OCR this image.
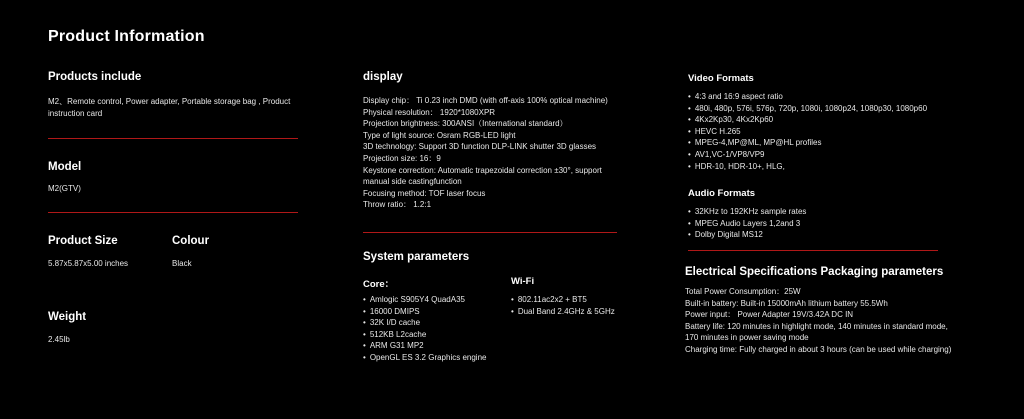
Product Information
Products include
M2、Remote control, Power adapter, Portable storage bag , Product instruction card
Model
M2(GTV)
Product Size
5.87x5.87x5.00 inches
Colour
Black
Weight
2.45lb
display
Display chip： Ti 0.23 inch DMD (with off-axis 100% optical machine)
Physical resolution： 1920*1080XPR
Projection brightness: 300ANSI（International standard）
Type of light source: Osram RGB-LED light
3D technology: Support 3D function DLP-LINK shutter 3D glasses
Projection size: 16：9
Keystone correction: Automatic trapezoidal correction ±30°, support
manual side castingfunction
Focusing method: TOF laser focus
Throw ratio： 1.2:1
System parameters
Core：
• Amlogic S905Y4 QuadA35
• 16000 DMIPS
• 32K I/D cache
• 512KB L2cache
• ARM G31 MP2
• OpenGL ES 3.2 Graphics engine
Wi-Fi
• 802.11ac2x2 + BT5
• Dual Band 2.4GHz & 5GHz
Video Formats
• 4:3 and 16:9 aspect ratio
• 480i, 480p, 576i, 576p, 720p, 1080i, 1080p24, 1080p30, 1080p60
• 4Kx2Kp30, 4Kx2Kp60
• HEVC H.265
• MPEG-4,MP@ML, MP@HL profiles
• AV1,VC-1/VP8/VP9
• HDR-10, HDR-10+, HLG,
Audio Formats
• 32KHz to 192KHz sample rates
• MPEG Audio Layers 1,2and 3
• Dolby Digital MS12
Electrical Specifications Packaging parameters
Total Power Consumption：25W
Built-in battery: Built-in 15000mAh lithium battery 55.5Wh
Power input： Power Adapter 19V/3.42A DC IN
Battery life: 120 minutes in highlight mode, 140 minutes in standard mode,
170 minutes in power saving mode
Charging time: Fully charged in about 3 hours (can be used while charging)
